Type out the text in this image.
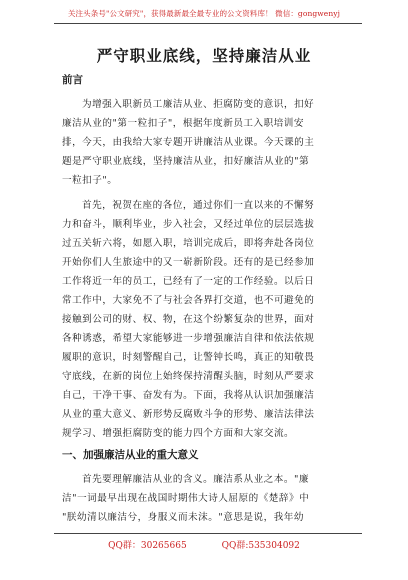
关注头条号"公文研究"，获得最新最全最专业的公文资料库！ 微信：gongwenyj
严守职业底线，坚持廉洁从业
前言
为增强入职新员工廉洁从业、拒腐防变的意识，扣好
廉洁从业的"第一粒扣子"，根据年度新员工入职培训安
排，今天，由我给大家专题开讲廉洁从业课。今天课的主
题是严守职业底线，坚持廉洁从业，扣好廉洁从业的"第
一粒扣子"。
首先，祝贺在座的各位，通过你们一直以来的不懈努
力和奋斗，顺利毕业，步入社会，又经过单位的层层选拔
过五关斩六将，如愿入职，培训完成后，即将奔赴各岗位
开始你们人生旅途中的又一崭新阶段。还有的是已经参加
工作将近一年的员工，已经有了一定的工作经验。以后日
常工作中，大家免不了与社会各界打交道，也不可避免的
接触到公司的财、权、物，在这个纷繁复杂的世界，面对
各种诱惑，希望大家能够进一步增强廉洁自律和依法依规
履职的意识，时刻警醒自己，让警钟长鸣，真正的知敬畏
守底线，在新的岗位上始终保持清醒头脑，时刻从严要求
自己，干净干事、奋发有为。下面，我将从认识加强廉洁
从业的重大意义、新形势反腐败斗争的形势、廉洁法律法
规学习、增强拒腐防变的能力四个方面和大家交流。
一、加强廉洁从业的重大意义
首先要理解廉洁从业的含义。廉洁系从业之本。"廉
洁"一词最早出现在战国时期伟大诗人屈原的《楚辞》中
"朕幼清以廉洁兮，身服义而未沫。"意思是说，我年幼
QQ群：30265665	QQ群:535304092
